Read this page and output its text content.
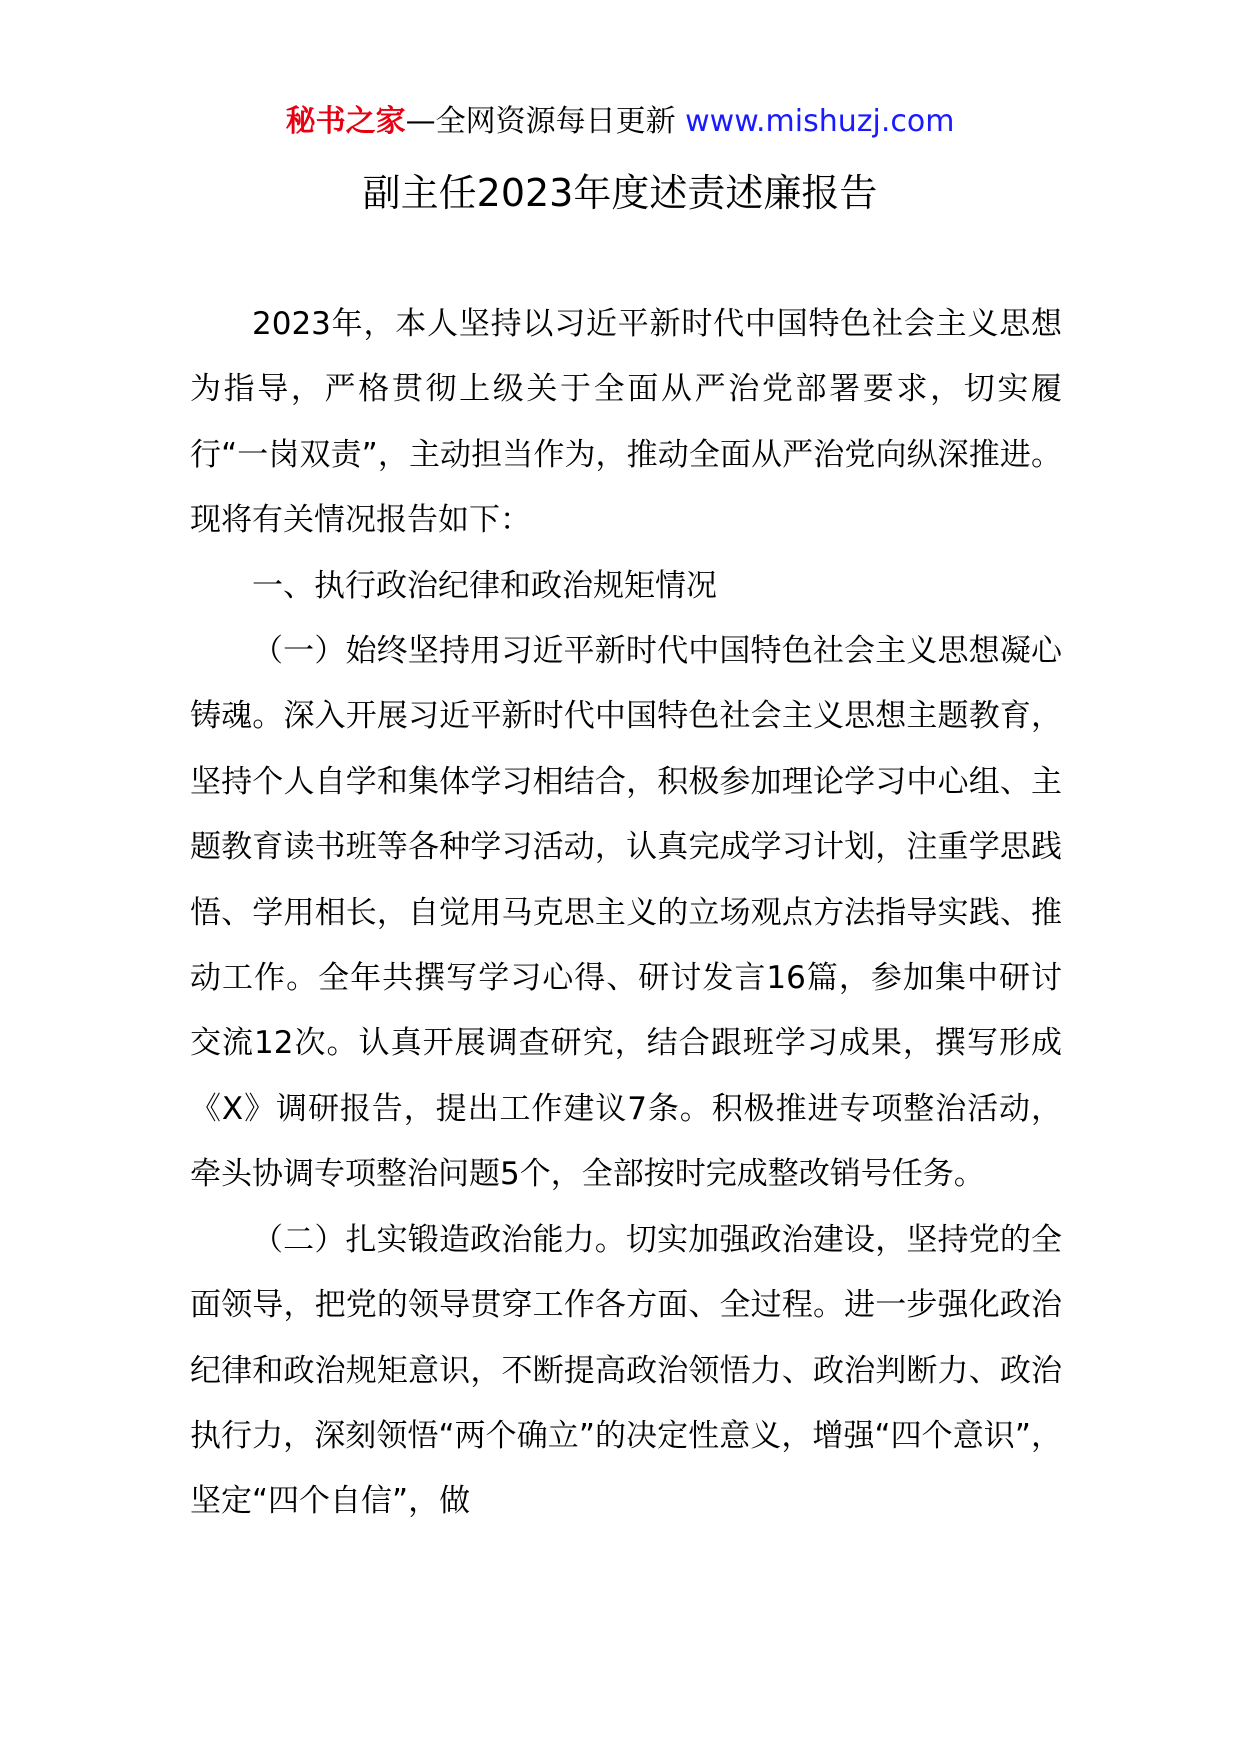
秘书之家—全网资源每日更新 www.mishuzj.com
副主任2023年度述责述廉报告

2023年，本人坚持以习近平新时代中国特色社会主义思想为指导，严格贯彻上级关于全面从严治党部署要求，切实履行“一岗双责”，主动担当作为，推动全面从严治党向纵深推进。现将有关情况报告如下：

一、执行政治纪律和政治规矩情况

（一）始终坚持用习近平新时代中国特色社会主义思想凝心铸魂。深入开展习近平新时代中国特色社会主义思想主题教育，坚持个人自学和集体学习相结合，积极参加理论学习中心组、主题教育读书班等各种学习活动，认真完成学习计划，注重学思践悟、学用相长，自觉用马克思主义的立场观点方法指导实践、推动工作。全年共撰写学习心得、研讨发言16篇，参加集中研讨交流12次。认真开展调查研究，结合跟班学习成果，撰写形成《X》调研报告，提出工作建议7条。积极推进专项整治活动，牵头协调专项整治问题5个，全部按时完成整改销号任务。

（二）扎实锻造政治能力。切实加强政治建设，坚持党的全面领导，把党的领导贯穿工作各方面、全过程。进一步强化政治纪律和政治规矩意识，不断提高政治领悟力、政治判断力、政治执行力，深刻领悟“两个确立”的决定性意义，增强“四个意识”，坚定“四个自信”，做
